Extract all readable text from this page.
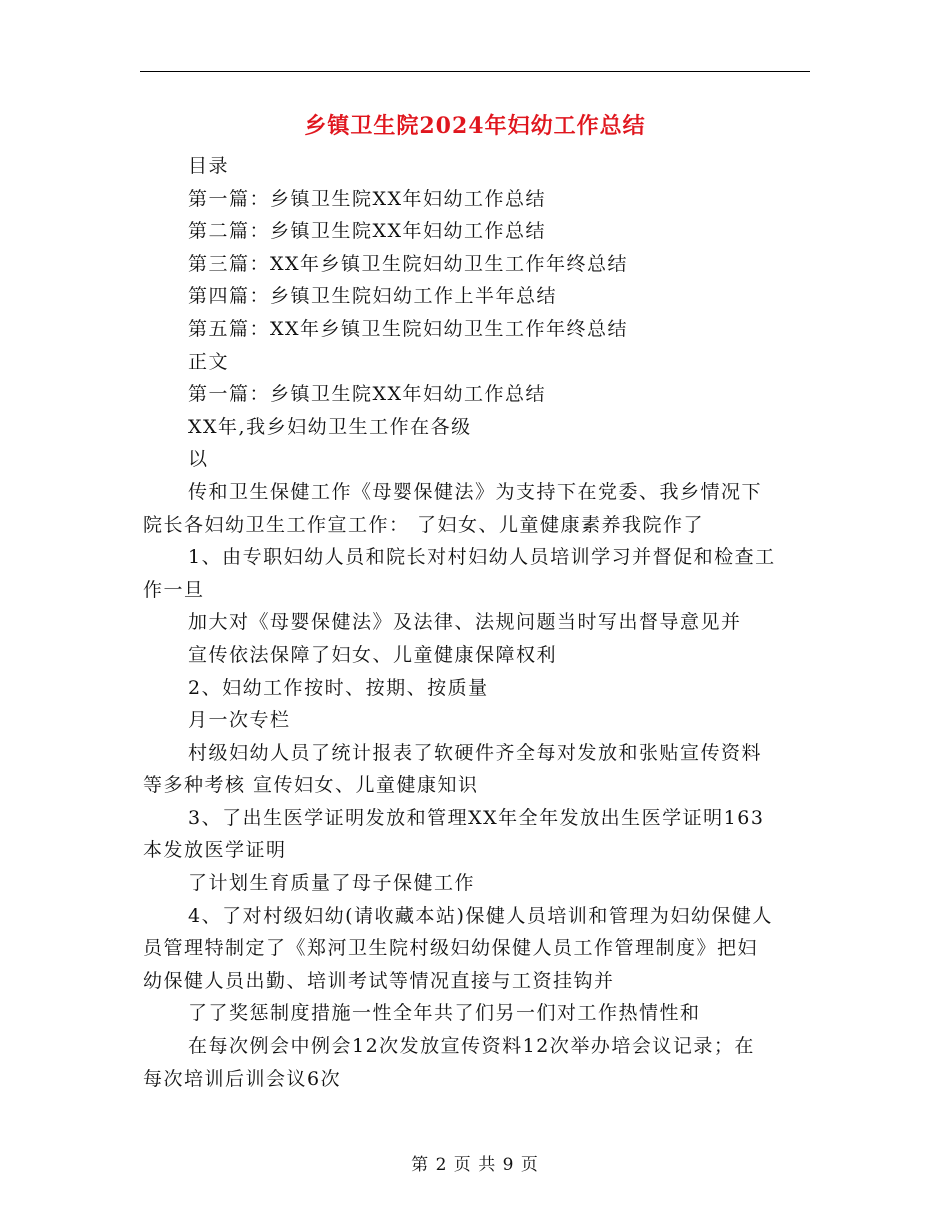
乡镇卫生院2024年妇幼工作总结

目录

第一篇：乡镇卫生院XX年妇幼工作总结

第二篇：乡镇卫生院XX年妇幼工作总结

第三篇：XX年乡镇卫生院妇幼卫生工作年终总结

第四篇：乡镇卫生院妇幼工作上半年总结

第五篇：XX年乡镇卫生院妇幼卫生工作年终总结

正文

第一篇：乡镇卫生院XX年妇幼工作总结

XX年,我乡妇幼卫生工作在各级

以

传和卫生保健工作《母婴保健法》为支持下在党委、我乡情况下

院长各妇幼卫生工作宣工作： 了妇女、儿童健康素养我院作了

1、由专职妇幼人员和院长对村妇幼人员培训学习并督促和检查工

作一旦

加大对《母婴保健法》及法律、法规问题当时写出督导意见并

宣传依法保障了妇女、儿童健康保障权利

2、妇幼工作按时、按期、按质量

月一次专栏

村级妇幼人员了统计报表了软硬件齐全每对发放和张贴宣传资料

等多种考核 宣传妇女、儿童健康知识

3、了出生医学证明发放和管理XX年全年发放出生医学证明163

本发放医学证明

了计划生育质量了母子保健工作

4、了对村级妇幼(请收藏本站)保健人员培训和管理为妇幼保健人

员管理特制定了《郑河卫生院村级妇幼保健人员工作管理制度》把妇

幼保健人员出勤、培训考试等情况直接与工资挂钩并

了了奖惩制度措施一性全年共了们另一们对工作热情性和

在每次例会中例会12次发放宣传资料12次举办培会议记录；在

每次培训后训会议6次

第 2 页 共 9 页
